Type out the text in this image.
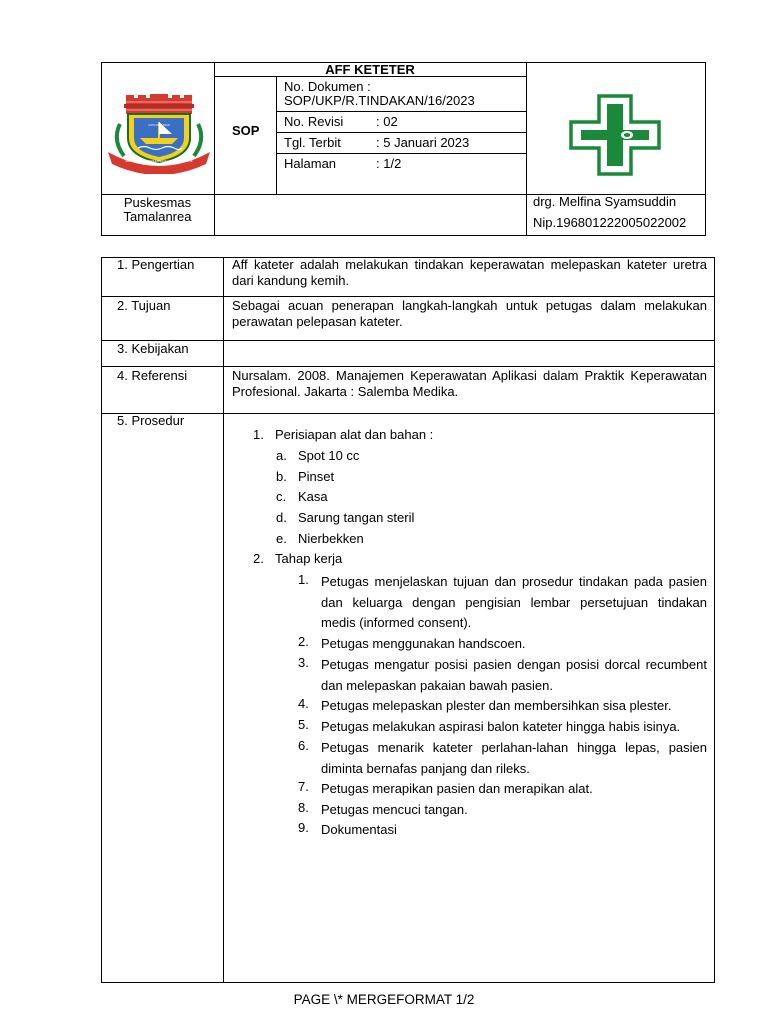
SEKALI LAYAR TERKEMBANG PANTANG BIDUK SURUT KE PANTAI
KOTA MAKASSAR
AFF KETETER
SOP
No. Dokumen :
SOP/UKP/R.TINDAKAN/16/2023
No. Revisi	: 02
Tgl. Terbit	: 5 Januari 2023
Halaman	: 1/2
Puskesmas
Tamalanrea
drg. Melfina Syamsuddin
Nip.196801222005022002
1. Pengertian	Aff kateter adalah melakukan tindakan keperawatan melepaskan kateter uretra dari kandung kemih.
2. Tujuan	Sebagai acuan penerapan langkah-langkah untuk petugas dalam melakukan perawatan pelepasan kateter.
3. Kebijakan
4. Referensi	Nursalam. 2008. Manajemen Keperawatan Aplikasi dalam Praktik Keperawatan Profesional. Jakarta : Salemba Medika.
5. Prosedur
1. Perisiapan alat dan bahan :
a. Spot 10 cc
b. Pinset
c. Kasa
d. Sarung tangan steril
e. Nierbekken
2. Tahap kerja
1. Petugas menjelaskan tujuan dan prosedur tindakan pada pasien dan keluarga dengan pengisian lembar persetujuan tindakan medis (informed consent).
2. Petugas menggunakan handscoen.
3. Petugas mengatur posisi pasien dengan posisi dorcal recumbent dan melepaskan pakaian bawah pasien.
4. Petugas melepaskan plester dan membersihkan sisa plester.
5. Petugas melakukan aspirasi balon kateter hingga habis isinya.
6. Petugas menarik kateter perlahan-lahan hingga lepas, pasien diminta bernafas panjang dan rileks.
7. Petugas merapikan pasien dan merapikan alat.
8. Petugas mencuci tangan.
9. Dokumentasi
PAGE \* MERGEFORMAT 1/2
